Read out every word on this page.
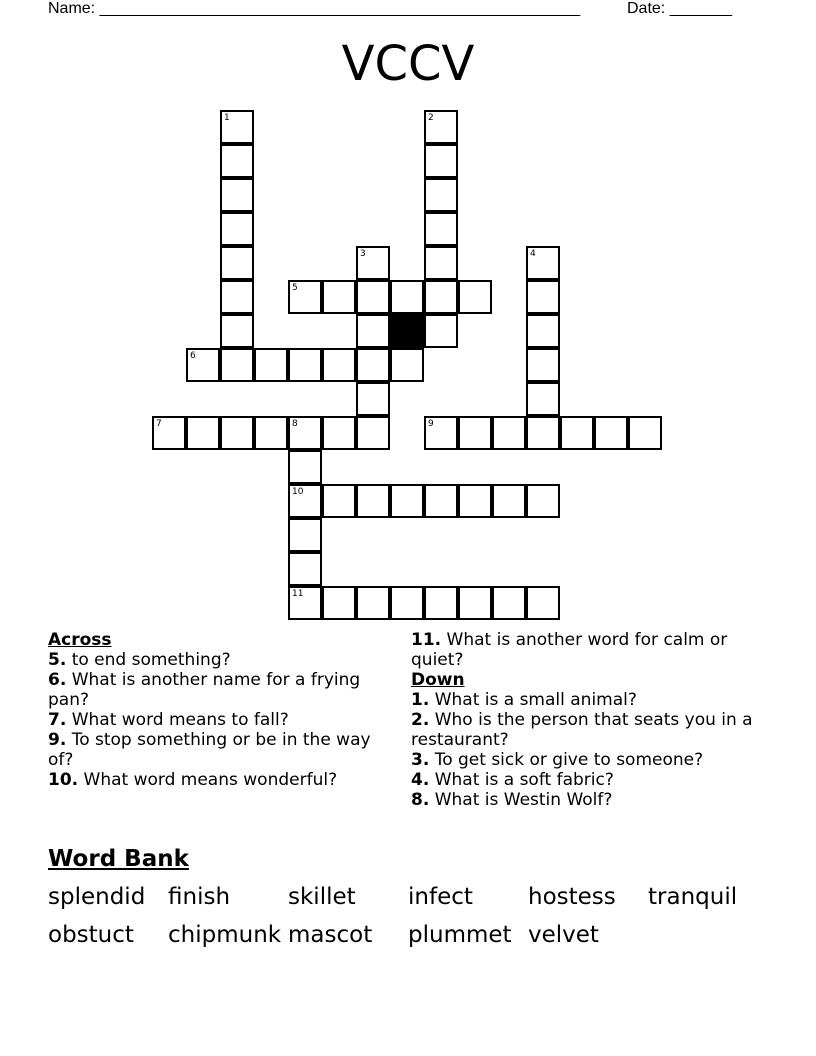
Name: ______________________________________________________	Date: _______
VCCV
1	2
3	4
5
6
7	8
10
11
9

Across

5. to end something?

6. What is another name for a frying pan?

7. What word means to fall?

9. To stop something or be in the way of?

10. What word means wonderful?

11. What is another word for calm or quiet?

Down

1. What is a small animal?

2. Who is the person that seats you in a restaurant?

3. To get sick or give to someone?

4. What is a soft fabric?

8. What is Westin Wolf?

Word Bank
splendid finish	skillet infect hostess tranquil
obstuct chipmunk mascot plummet velvet
